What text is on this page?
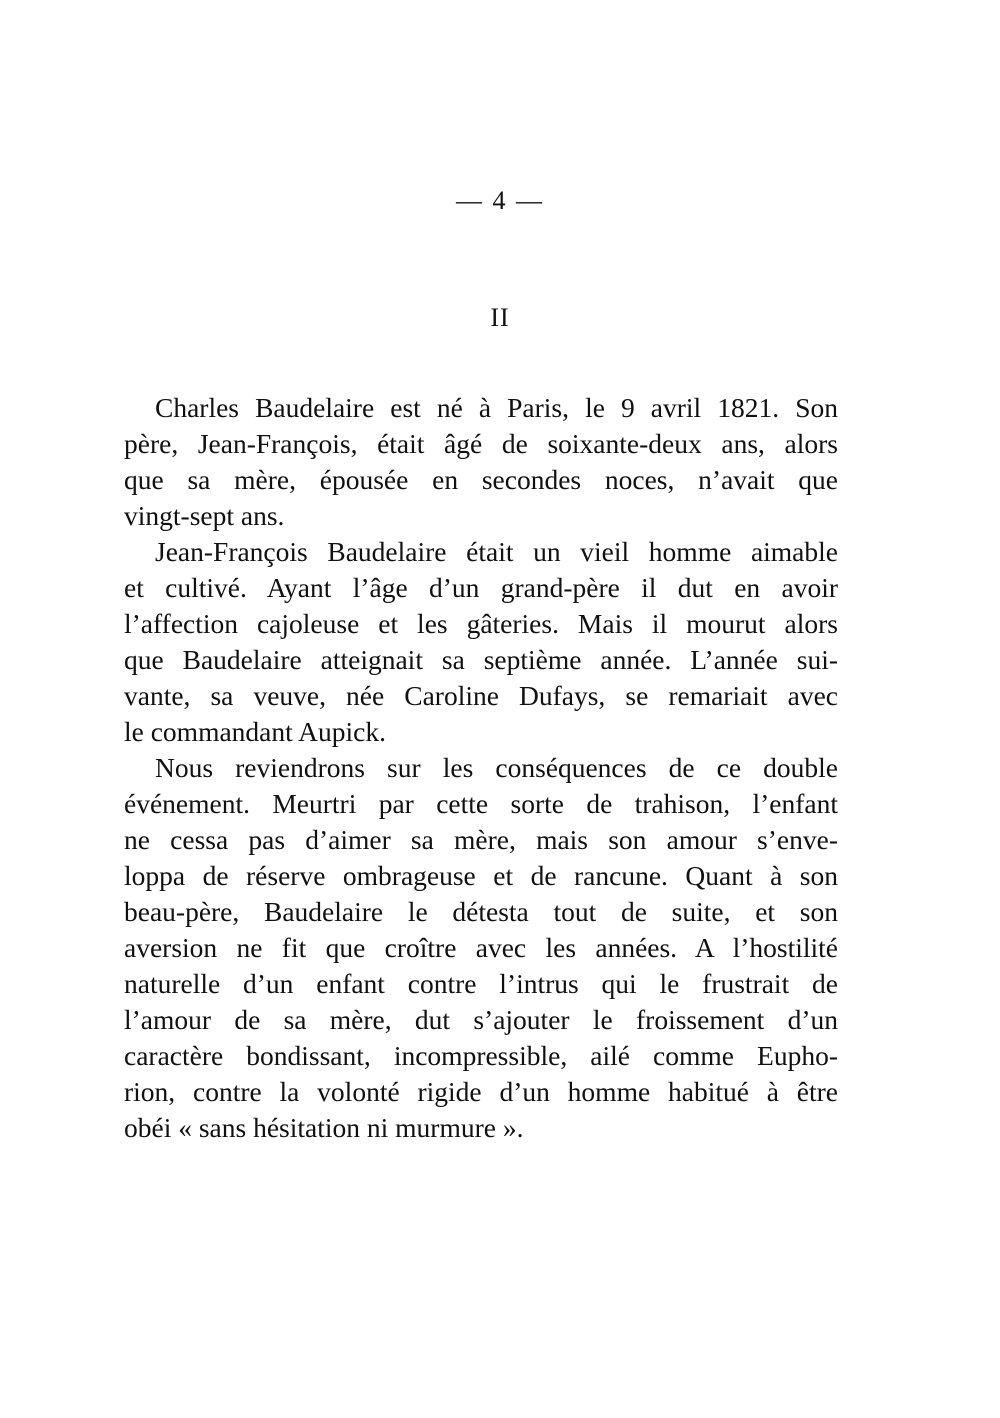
— 4 —
II
Charles Baudelaire est né à Paris, le 9 avril 1821. Son
père, Jean-François, était âgé de soixante-deux ans, alors
que sa mère, épousée en secondes noces, n’avait que
vingt-sept ans.
Jean-François Baudelaire était un vieil homme aimable
et cultivé. Ayant l’âge d’un grand-père il dut en avoir
l’affection cajoleuse et les gâteries. Mais il mourut alors
que Baudelaire atteignait sa septième année. L’année sui-
vante, sa veuve, née Caroline Dufays, se remariait avec
le commandant Aupick.
Nous reviendrons sur les conséquences de ce double
événement. Meurtri par cette sorte de trahison, l’enfant
ne cessa pas d’aimer sa mère, mais son amour s’enve-
loppa de réserve ombrageuse et de rancune. Quant à son
beau-père, Baudelaire le détesta tout de suite, et son
aversion ne fit que croître avec les années. A l’hostilité
naturelle d’un enfant contre l’intrus qui le frustrait de
l’amour de sa mère, dut s’ajouter le froissement d’un
caractère bondissant, incompressible, ailé comme Eupho-
rion, contre la volonté rigide d’un homme habitué à être
obéi « sans hésitation ni murmure ».
